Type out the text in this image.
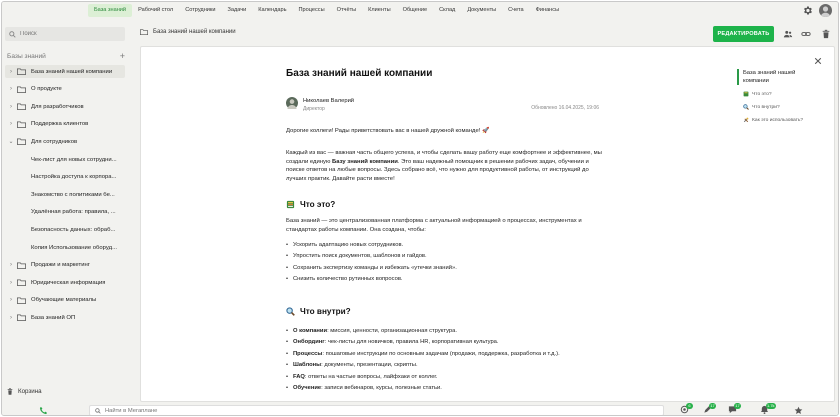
База знаний	Рабочий стол	Сотрудники	Задачи	Календарь	Процессы	Отчёты	Клиенты	Общение	Склад	Документы	Счета	Финансы
Поиск
Базы знаний	+
›	База знаний нашей компании
›	О продукте
›	Для разработчиков
›	Поддержка клиентов
⌄	Для сотрудников
Чек-лист для новых сотрудни...
Настройка доступа к корпора...
Знакомство с политиками бе...
Удалённая работа: правила, ...
Безопасность данных: обраб...
Копия Использование оборуд...
›	Продажи и маркетинг
›	Юридическая информация
›	Обучающие материалы
›	База знаний ОП
Корзина
База знаний нашей компании	РЕДАКТИРОВАТЬ
База знаний нашей компании
Николаев Валерий
Директор	Обновлено 16.04.2025, 19:06
Дорогие коллеги! Рады приветствовать вас в нашей дружной команде! 🚀
Каждый из вас — важная часть общего успеха, и чтобы сделать вашу работу еще комфортнее и эффективнее, мы создали единую Базу знаний компании. Это ваш надежный помощник в решении рабочих задач, обучении и поиске ответов на любые вопросы. Здесь собрано всё, что нужно для продуктивной работы, от инструкций до лучших практик. Давайте расти вместе!
Что это?
База знаний — это централизованная платформа с актуальной информацией о процессах, инструментах и стандартах работы компании. Она создана, чтобы:
• Ускорить адаптацию новых сотрудников.
• Упростить поиск документов, шаблонов и гайдов.
• Сохранить экспертизу команды и избежать «утечки знаний».
• Снизить количество рутинных вопросов.
Что внутри?
• О компании: миссия, ценности, организационная структура.
• Онбординг: чек-листы для новичков, правила HR, корпоративная культура.
• Процессы: пошаговые инструкции по основным задачам (продажи, поддержка, разработка и т.д.).
• Шаблоны: документы, презентации, скрипты.
• FAQ: ответы на частые вопросы, лайфхаки от коллег.
• Обучение: записи вебинаров, курсы, полезные статьи.
База знаний нашей компании
Что это?
Что внутри?
Как это использовать?
Найти в Мегаплане
6	17	17	1.7k
